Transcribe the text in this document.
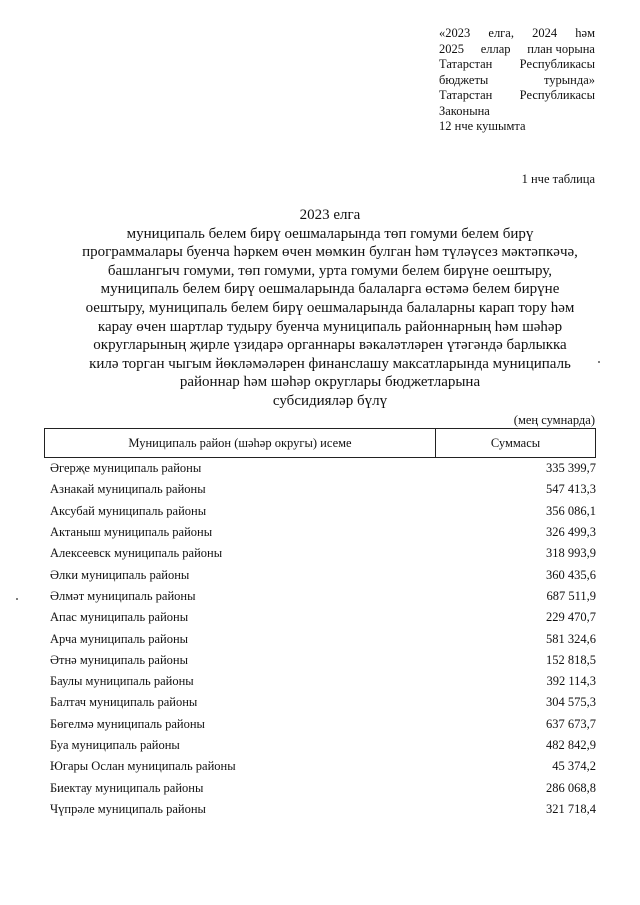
«2023 елга, 2024 һәм
2025 еллар план чорына
Татарстан Республикасы
бюджеты	турында»
Татарстан Республикасы
Законына
12 нче кушымта
1 нче таблица
2023 елга
муниципаль белем бирү оешмаларында төп гомуми белем бирү
программалары буенча һәркем өчен мөмкин булган һәм түләүсез мәктәпкәчә,
башлангыч гомуми, төп гомуми, урта гомуми белем бирүне оештыру,
муниципаль белем бирү оешмаларында балаларга өстәмә белем бирүне
оештыру, муниципаль белем бирү оешмаларында балаларны карап тору һәм
карау өчен шартлар тудыру буенча муниципаль районнарның һәм шәһәр
округларының җирле үзидарә органнары вәкаләтләрен үтәгәндә барлыкка
килә торган чыгым йөкләмәләрен финанслашу максатларында муниципаль
районнар һәм шәһәр округлары бюджетларына
субсидияләр бүлү
(мең сумнарда)
Муниципаль район (шәһәр округы) исеме	Суммасы
Әгерҗе муниципаль районы	335 399,7
Азнакай муниципаль районы	547 413,3
Аксубай муниципаль районы	356 086,1
Актаныш муниципаль районы	326 499,3
Алексеевск муниципаль районы	318 993,9
Әлки муниципаль районы	360 435,6
Әлмәт муниципаль районы	687 511,9
Апас муниципаль районы	229 470,7
Арча муниципаль районы	581 324,6
Әтнә муниципаль районы	152 818,5
Баулы муниципаль районы	392 114,3
Балтач муниципаль районы	304 575,3
Бөгелмә муниципаль районы	637 673,7
Буа муниципаль районы	482 842,9
Югары Ослан муниципаль районы	45 374,2
Биектау муниципаль районы	286 068,8
Чүпрәле муниципаль районы	321 718,4
